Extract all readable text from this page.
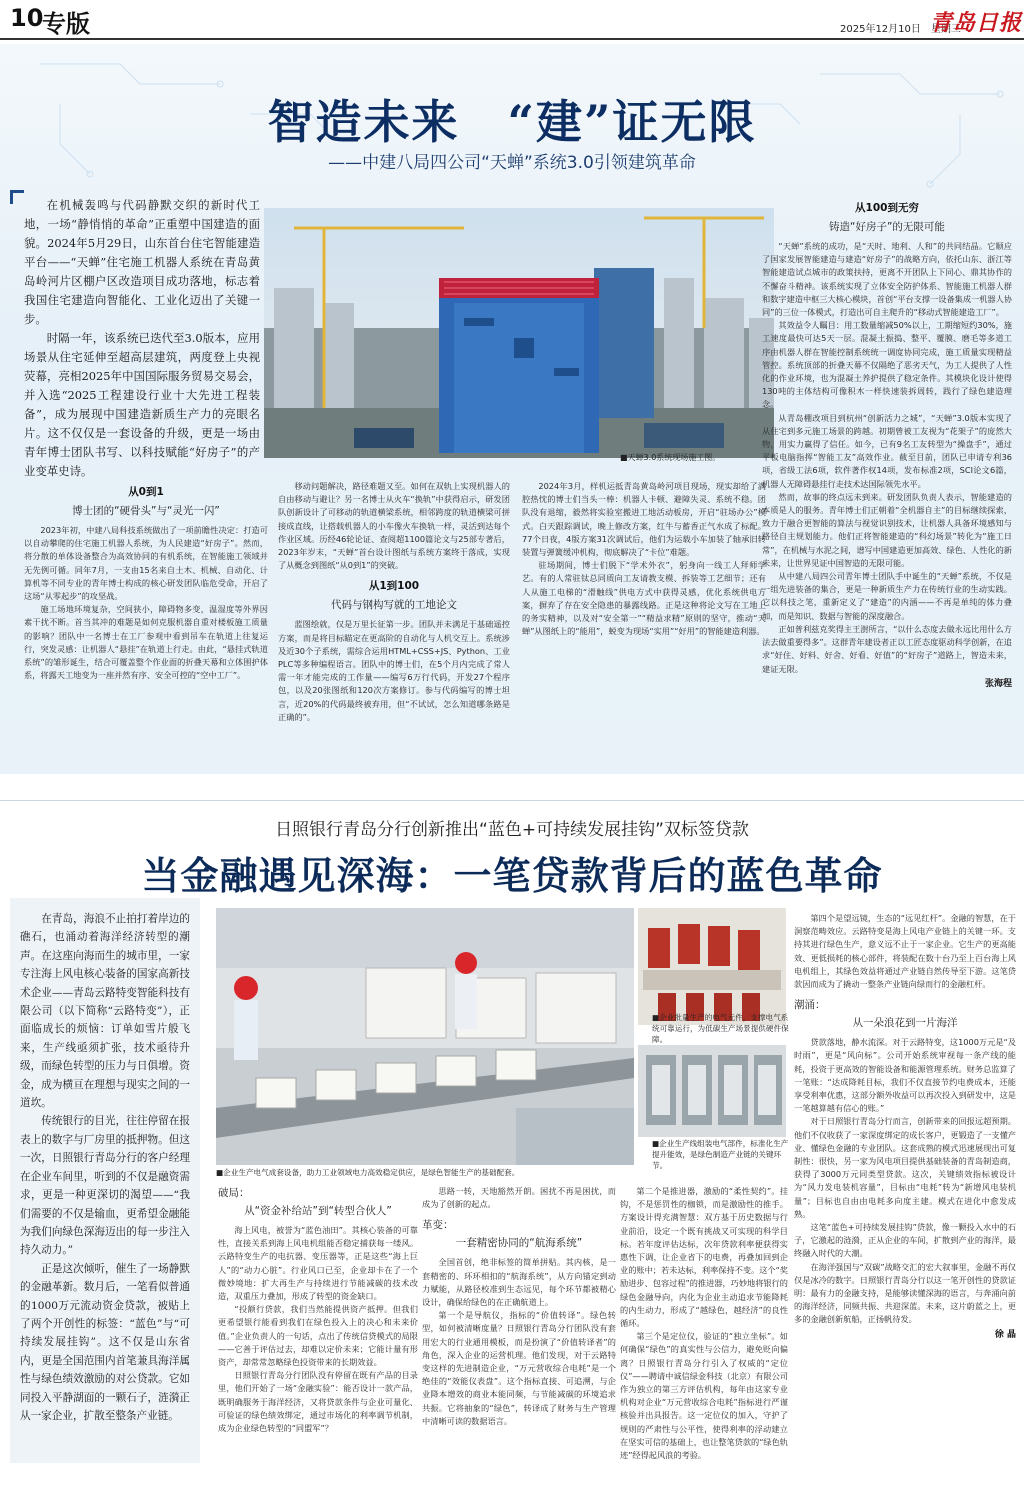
10
专版	2025年12月10日　星期三
青岛日报
智造未来　“建”证无限
——中建八局四公司“天蝉”系统3.0引领建筑革命

在机械轰鸣与代码静默交织的新时代工地，一场“静悄悄的革命”正重塑中国建造的面貌。2024年5月29日，山东首台住宅智能建造平台——“天蝉”住宅施工机器人系统在青岛黄岛岭河片区棚户区改造项目成功落地，标志着我国住宅建造向智能化、工业化迈出了关键一步。

时隔一年，该系统已迭代至3.0版本，应用场景从住宅延伸至超高层建筑，两度登上央视荧幕，亮相2025年中国国际服务贸易交易会，并入选“2025工程建设行业十大先进工程装备”，成为展现中国建造新质生产力的亮眼名片。这不仅仅是一套设备的升级，更是一场由青年博士团队书写、以科技赋能“好房子”的产业变革史诗。

■天蝉3.0系统现场施工图。
从0到1
博士团的“硬骨头”与“灵光一闪”

2023年初，中建八局科技系统做出了一项前瞻性决定：打造可以自动攀爬的住宅施工机器人系统，为人民建造“好房子”。然而，将分散的单体设备整合为高效协同的有机系统，在智能施工领域并无先例可循。同年7月，一支由15名来自土木、机械、自动化、计算机等不同专业的青年博士构成的核心研发团队临危受命，开启了这场“从零起步”的攻坚战。

施工场地环境复杂，空间狭小，障碍物多变，温湿度等外界因素干扰不断。首当其冲的难题是如何克服机器自重对楼板施工质量的影响？团队中一名博士在工厂参观中看到吊车在轨道上往复运行，突发灵感：让机器人“悬挂”在轨道上行走。由此，“悬挂式轨道系统”的雏形诞生，结合可覆盖整个作业面的折叠天幕和立体围护体系，将露天工地变为一座并然有序、安全可控的“空中工厂”。

移动问题解决，路径难题又至。如何在双轨上实现机器人的自由移动与避让？另一名博士从火车“换轨”中获得启示，研发团队创新设计了可移动的轨道横梁系统，相邻跨度的轨道横梁可拼接成直线，让搭载机器人的小车像火车换轨一样，灵活到达每个作业区域。历经46轮论证、查阅超1100篇论文与25部专著后，2023年岁末，“天蝉”首台设计图纸与系统方案终于落成，实现了从概念到图纸“从0到1”的突破。

从1到100
代码与钢构写就的工地论文

蓝图绘就，仅是万里长征第一步。团队并未满足于基础遥控方案，而是将目标瞄定在更高阶的自动化与人机交互上。系统涉及近30个子系统，需综合运用HTML+CSS+JS、Python、工业PLC等多种编程语言。团队中的博士们，在5个月内完成了常人需一年才能完成的工作量——编写6万行代码，开发27个程序包，以及20张图纸和120次方案修订。参与代码编写的博士坦言，近20%的代码最终被弃用，但“不试试，怎么知道哪条路是正确的”。

2024年3月，样机运抵青岛黄岛岭河项目现场，现实却给了满腔热忱的博士们当头一棒：机器人卡顿、避障失灵、系统不稳。团队没有退缩，毅然将实验室搬进工地活动板房，开启“驻场办公”模式。白天跟踪调试，晚上修改方案，红牛与蓄香正气水成了标配。77个日夜，4版方案31次调试后，他们为运载小车加装了轴承旧转装置与弹簧缓冲机构，彻底解决了“卡位”难题。

驻场期间，博士们脱下“学术外衣”，躬身向一线工人拜师学艺。有的人常驻钛总同质向工友请教支模、拆装等工艺细节；还有人从施工电梯的“滑触线”供电方式中获得灵感，优化系统供电方案，摒弃了存在安全隐患的暴露线路。正是这种将论文写在工地上的务实精神，以及对“安全第一”“精益求精”原则的坚守，推动“天蝉”从图纸上的“能用”，蜕变为现场“实用”“好用”的智能建造利器。

从100到无穷
铸造“好房子”的无限可能

“天蝉”系统的成功，是“天时、地利、人和”的共同结晶。它顺应了国家发展智能建造与建造“好房子”的战略方向，依托山东、浙江等智能建造试点城市的政策扶持，更离不开团队上下同心、鼎其协作的不懈奋斗精神。该系统实现了立体安全防护体系、智能施工机器人群和数字建造中枢三大核心模块，首创“平台支撑一设备集成一机器人协同”的三位一体模式，打造出可自主爬升的“移动式智能建造工厂”。

其效益令人瞩目：用工数量缩减50%以上，工期缩短约30%，施工速度最快可达5天一层。混凝土振捣、整平、覆膜、磨毛等多道工序由机器人群在智能控制系统统一调度协同完成，施工质量实现精益管控。系统顶部的折叠天幕不仅隔绝了恶劣天气，为工人提供了人性化的作业环境，也为混凝土养护提供了稳定条件。其模块化设计使得130吨的主体结构可像积木一样快速装拆周转，践行了绿色建造理念。

从青岛棚改项目到杭州“创新活力之城”，“天蝉”3.0版本实现了从住宅到多元施工场景的跨越。初期曾被工友视为“花架子”的庞然大物，用实力赢得了信任。如今，已有9名工友转型为“操盘手”，通过平板电脑指挥“智能工友”高效作业。截至目前，团队已申请专利36项，省级工法6项，软件著作权14项，发布标准2项，SCI论文6篇，机器人无障碍悬挂行走技术达国际领先水平。

然而，故事的终点远未到来。研发团队负责人表示，智能建造的本质是人的服务。青年博士们正朝着“全机器自主”的目标继续探索，致力于融合更智能的算法与视觉识别技术，让机器人具备环境感知与路径自主规划能力。他们正将智能建造的“科幻场景”转化为“施工日常”，在机械与水泥之间，谱写中国建造更加高效、绿色、人性化的新未来，让世界见证中国智造的无限可能。

从中建八局四公司青年博士团队手中诞生的“天蝉”系统，不仅是一组先进装备的集合，更是一种新质生产力在传统行业的生动实践。它以科技之笔，重新定义了“建造”的内涵——不再是单纯的体力叠加，而是知识、数据与智能的深度融合。

正如普利兹克奖得主王澍所言，“以什么态度去做永远比用什么方法去做重要得多”。这群青年建设者正以工匠态度驱动科学创新，在追求“好住、好料、好舍、好看、好值”的“好房子”道路上，智造未来，建证无限。

张海程
日照银行青岛分行创新推出“蓝色+可持续发展挂钩”双标签贷款
当金融遇见深海：一笔贷款背后的蓝色革命

在青岛，海浪不止拍打着岸边的礁石，也涌动着海洋经济转型的潮声。在这座向海而生的城市里，一家专注海上风电核心装备的国家高新技术企业——青岛云路特变智能科技有限公司（以下简称“云路特变”），正面临成长的烦恼：订单如雪片般飞来，生产线亟须扩张，技术亟待升级，而绿色转型的压力与日俱增。资金，成为横亘在理想与现实之间的一道坎。

传统银行的目光，往往停留在报表上的数字与厂房里的抵押物。但这一次，日照银行青岛分行的客户经理在企业车间里，听到的不仅是融资需求，更是一种更深切的渴望——“我们需要的不仅是输血，更希望金融能为我们向绿色深海迈出的每一步注入持久动力。”

正是这次倾听，催生了一场静默的金融革新。数月后，一笔看似普通的1000万元流动资金贷款，被贴上了两个开创性的标签：“蓝色”与“可持续发展挂钩”。这不仅是山东省内，更是全国范围内首笔兼具海洋属性与绿色绩效激励的对公贷款。它如同投入平静湖面的一颗石子，涟漪正从一家企业，扩散至整条产业链。

■企业生产电气成套设备，助力工业领域电力高效稳定供应，是绿色智能生产的基础配套。
■企业批量生产的电气元件，支撑电气系统可靠运行，为低碳生产场景提供硬件保障。
■企业生产线组装电气部件，标准化生产提升能效，是绿色制造产业链的关键环节。
破局：
从“资金补给站”到“转型合伙人”

海上风电，被誉为“蓝色油田”。其核心装备的可靠性，直接关系到海上风电机组能否稳定捕获每一缕风。云路特变生产的电抗器、变压器等，正是这些“海上巨人”的“动力心脏”。行业风口已至，企业却卡在了一个微妙境地：扩大再生产与持续进行节能减碳的技术改造，双重压力叠加，形成了转型的资金缺口。

“投额行贷款，我们当然能提供资产抵押。但我们更希望银行能看到我们在绿色投入上的决心和未来价值。”企业负责人的一句话，点出了传统信贷模式的局限——它善于评估过去，却难以定价未来；它能计量有形资产，却常常忽略绿色投资带来的长期效益。

日照银行青岛分行团队没有停留在既有产品的目录里，他们开始了一场“金融实验”：能否设计一款产品，既明确服务于海洋经济，又将贷款条件与企业可量化、可验证的绿色绩效绑定，通过市场化的利率调节机制，成为企业绿色转型的“同盟军”？

思路一转，天地豁然开朗。困扰不再是困扰，而成为了创新的起点。

革变：
一套精密协同的“航海系统”

全国首创，绝非标签的简单拼贴。其内核，是一套精密的、环环相扣的“航海系统”，从方向锚定到动力赋能，从路径校准到生态远见，每个环节都被精心设计，确保给绿色的在正确航道上。

第一个是导航仪，指标的“价值转译”。绿色转型，如何被清晰度量？日照银行青岛分行团队没有套用宏大的行业通用模板，而是扮演了“价值转译者”的角色，深入企业的运营机理。他们发现，对于云路特变这样的先进制造企业，“万元营收综合电耗”是一个绝佳的“效能仪表盘”。这个指标直接、可追溯，与企业降本增效的商业本能同频，与节能减碳的环境追求共振。它将抽象的“绿色”，转译成了财务与生产管理中清晰可读的数据语言。

第二个是推进器，激励的“柔性契约”。挂钩，不是惩罚性的枷锁，而是激励性的推手。方案设计得充满智慧：双方基于历史数据与行业前沿，设定一个既有挑战又可实现的科学目标。若年度评估达标，次年贷款利率便获得实惠性下调，让企业省下的电费，再叠加回到企业的账中；若未达标，利率保持不变。这个“奖励进步、包容过程”的推进器，巧妙地将银行的绿色金融导向，内化为企业主动追求节能降耗的内生动力，形成了“越绿色，越经济”的良性循环。

第三个是定位仪，验证的“独立坐标”。如何确保“绿色”的真实性与公信力，避免贬向偏离？日照银行青岛分行引入了权威的“定位仪”——聘请中诚信绿金科技（北京）有限公司作为独立的第三方评估机构，每年由这家专业机构对企业“万元营收综合电耗”指标进行严谨核验并出具报告。这一定位仪的加入，守护了规则的严肃性与公平性，使得利率的浮动建立在坚实可信的基础上，也让整笔贷款的“绿色轨迹”经得起风浪的考验。

第四个是望远镜，生态的“远见红杆”。金融的智慧，在于洞察范畴效应。云路特变是海上风电产业链上的关键一环。支持其进行绿色生产，意义远不止于一家企业。它生产的更高能效、更低损耗的核心部件，将装配在数十台乃至上百台海上风电机组上，其绿色效益将通过产业链自然传导至下游。这笔贷款因而成为了撬动一整条产业链向绿而行的金融杠杆。

潮涌：
从一朵浪花到一片海洋

贷款落地，静水流深。对于云路特变，这1000万元是“及时雨”，更是“风向标”。公司开始系统审视每一条产线的能耗，投资于更高效的智能设备和能源管理系统。财务总监算了一笔账：“达成降耗目标，我们不仅直接节约电费成本，还能享受利率优惠，这部分额外收益可以再次投入到研发中，这是一笔越算越有信心的账。”

对于日照银行青岛分行而言，创新带来的回报远超预期。他们不仅收获了一家深度绑定的成长客户，更锻造了一支懂产业、懂绿色金融的专业团队。这套成熟的模式迅速展现出可复制性：很快，另一家为风电项目提供基础装备的青岛制造商，获得了3000万元同类型贷款。这次，关键绩效指标被设计为“风力发电装机容量”，目标由“电耗”转为“新增风电装机量”；目标也自由由电耗多向度主建。模式在进化中愈发成熟。

这笔“蓝色+可持续发展挂钩”贷款，像一颗投入水中的石子，它激起的涟漪，正从企业的车间，扩散到产业的海洋，最终融入时代的大潮。

在海洋强国与“双碳”战略交汇的宏大叙事里，金融不再仅仅是冰冷的数字。日照银行青岛分行以这一笔开创性的贷款证明：最有力的金融支持，是能够读懂深海的语言，与奔涌向前的海洋经济，同频共振、共迎深蓝。未来，这片蔚蓝之上，更多的金融创新航船，正扬帆待发。

徐 晶
